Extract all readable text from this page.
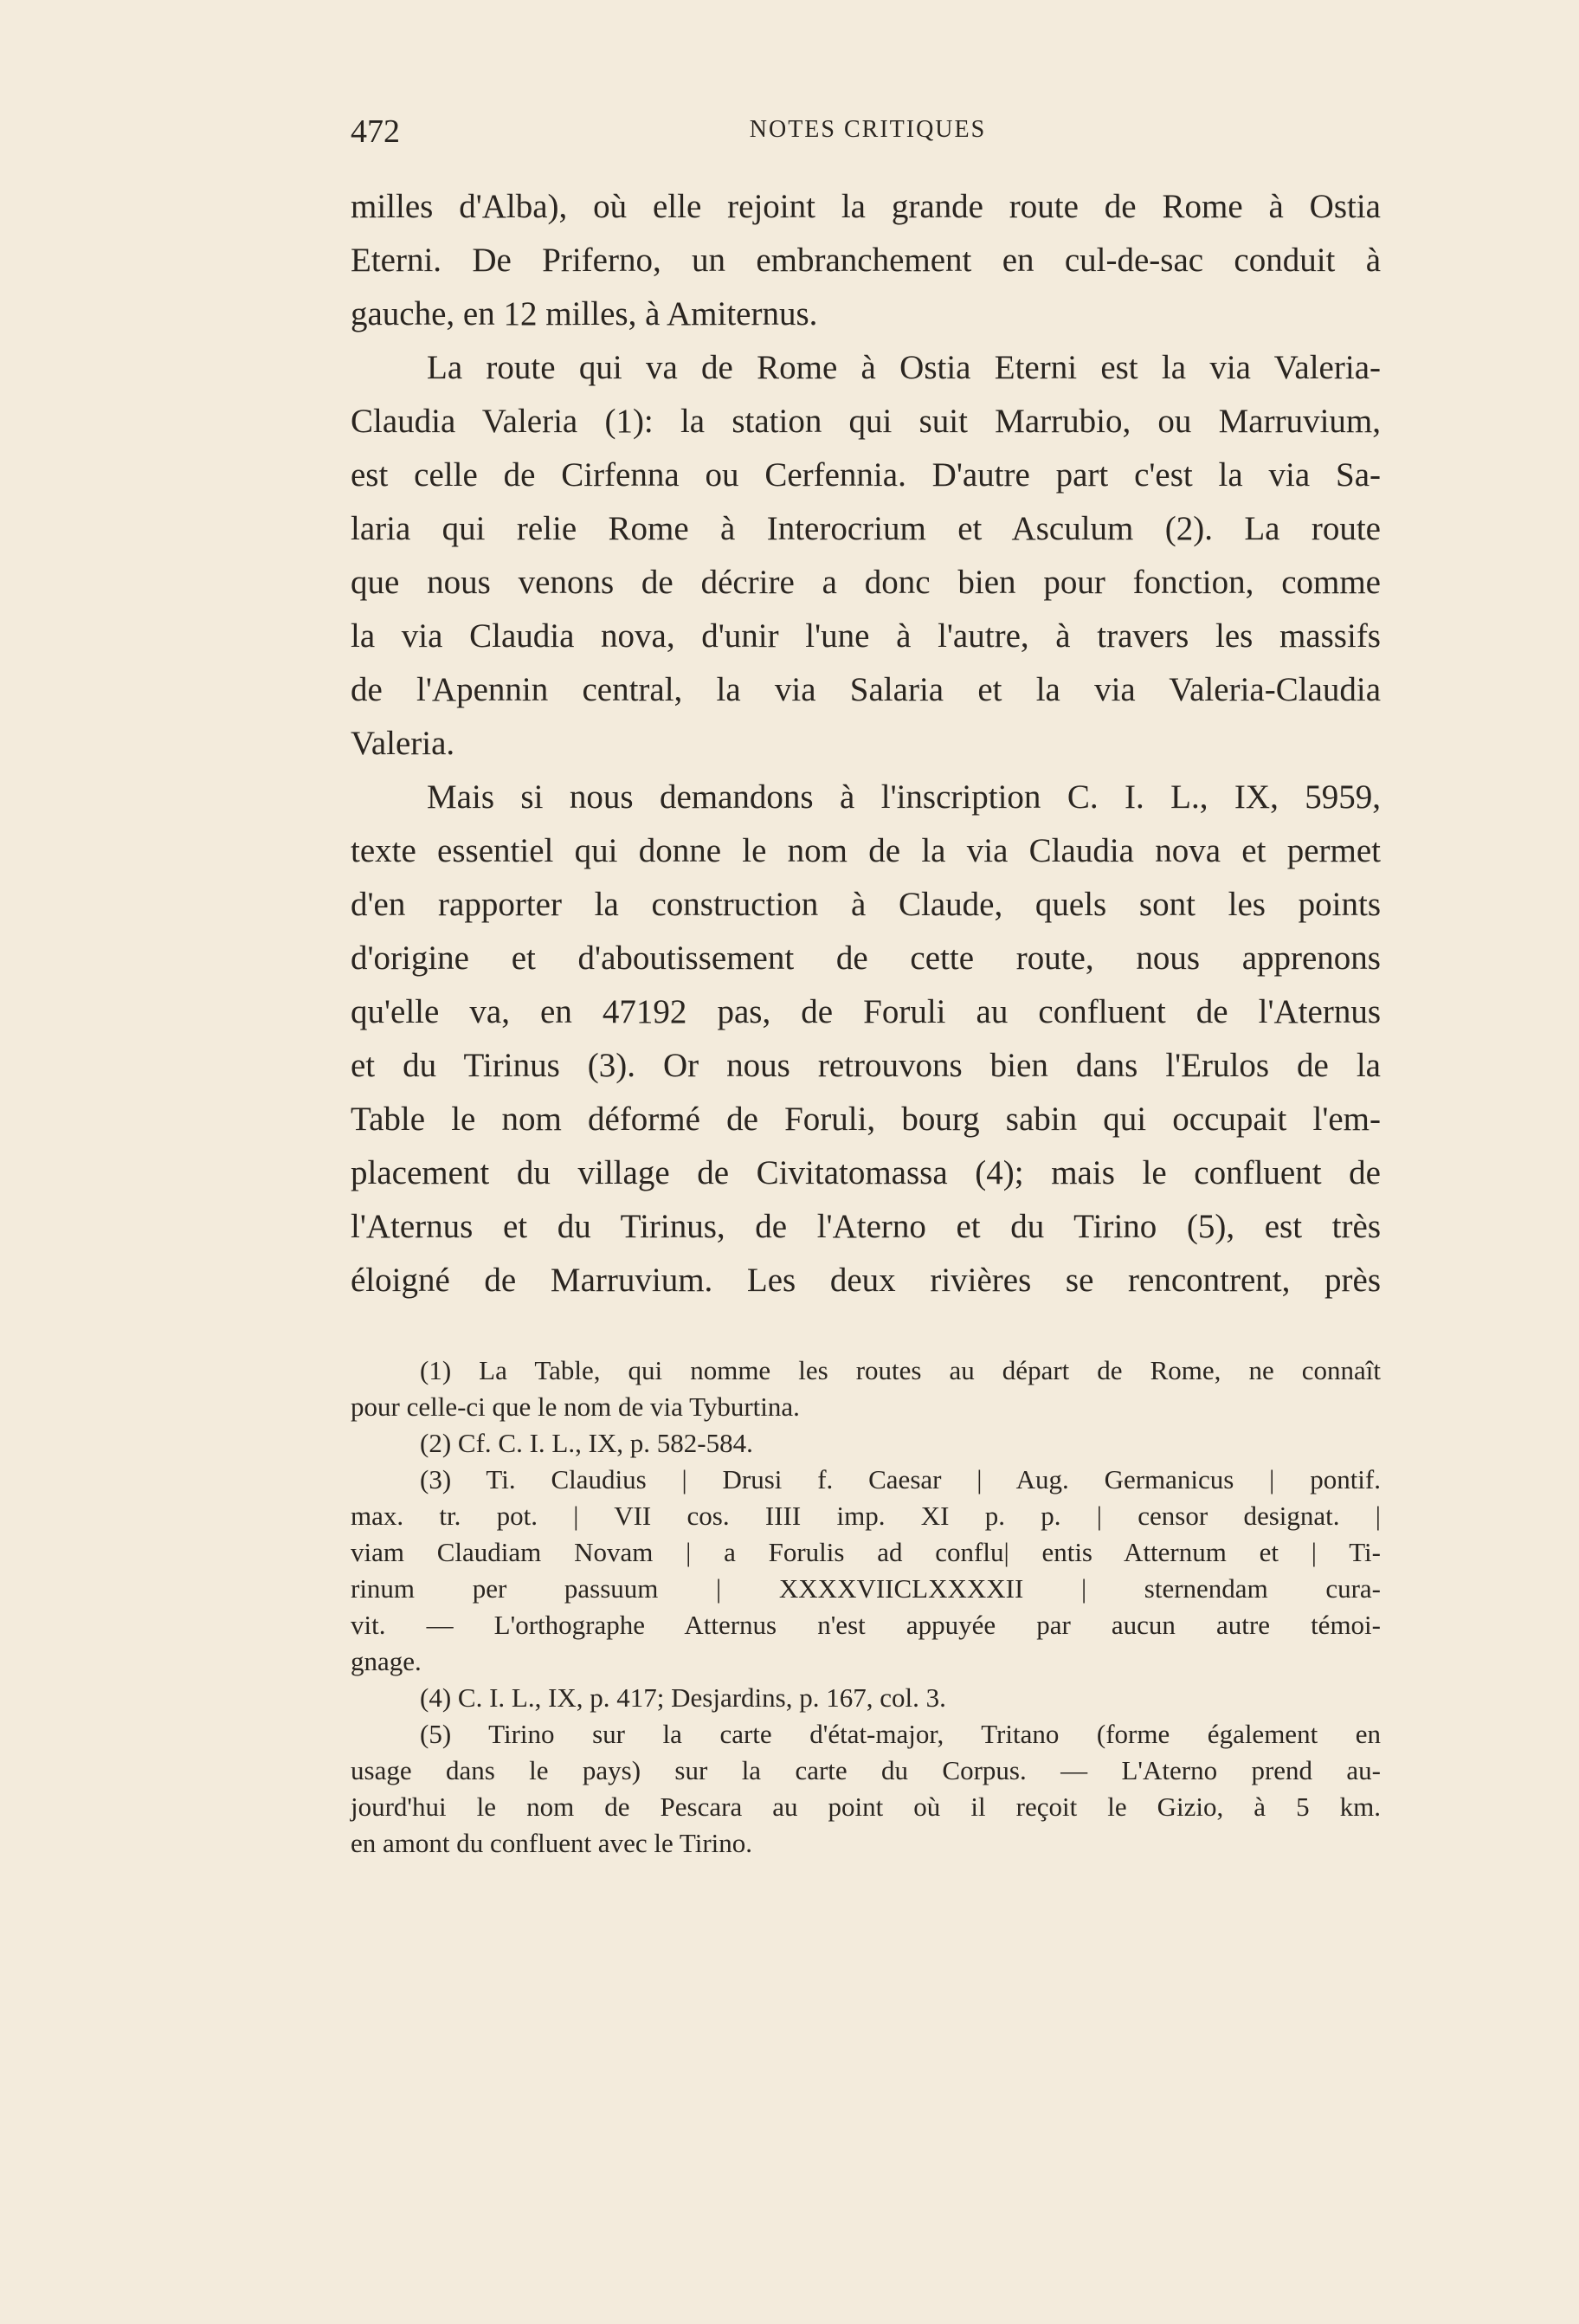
472	NOTES CRITIQUES
milles d'Alba), où elle rejoint la grande route de Rome à Ostia
Eterni. De Priferno, un embranchement en cul-de-sac conduit à
gauche, en 12 milles, à Amiternus.
La route qui va de Rome à Ostia Eterni est la via Valeria-
Claudia Valeria (1): la station qui suit Marrubio, ou Marruvium,
est celle de Cirfenna ou Cerfennia. D'autre part c'est la via Sa-
laria qui relie Rome à Interocrium et Asculum (2). La route
que nous venons de décrire a donc bien pour fonction, comme
la via Claudia nova, d'unir l'une à l'autre, à travers les massifs
de l'Apennin central, la via Salaria et la via Valeria-Claudia
Valeria.
Mais si nous demandons à l'inscription C. I. L., IX, 5959,
texte essentiel qui donne le nom de la via Claudia nova et permet
d'en rapporter la construction à Claude, quels sont les points
d'origine et d'aboutissement de cette route, nous apprenons
qu'elle va, en 47192 pas, de Foruli au confluent de l'Aternus
et du Tirinus (3). Or nous retrouvons bien dans l'Erulos de la
Table le nom déformé de Foruli, bourg sabin qui occupait l'em-
placement du village de Civitatomassa (4); mais le confluent de
l'Aternus et du Tirinus, de l'Aterno et du Tirino (5), est très
éloigné de Marruvium. Les deux rivières se rencontrent, près
(1) La Table, qui nomme les routes au départ de Rome, ne connaît
pour celle-ci que le nom de via Tyburtina.
(2) Cf. C. I. L., IX, p. 582-584.
(3) Ti. Claudius | Drusi f. Caesar | Aug. Germanicus | pontif.
max. tr. pot. | VII cos. IIII imp. XI p. p. | censor designat. |
viam Claudiam Novam | a Forulis ad conflu| entis Atternum et | Ti-
rinum per passuum | XXXXVIICLXXXXII | sternendam cura-
vit. — L'orthographe Atternus n'est appuyée par aucun autre témoi-
gnage.
(4) C. I. L., IX, p. 417; Desjardins, p. 167, col. 3.
(5) Tirino sur la carte d'état-major, Tritano (forme également en
usage dans le pays) sur la carte du Corpus. — L'Aterno prend au-
jourd'hui le nom de Pescara au point où il reçoit le Gizio, à 5 km.
en amont du confluent avec le Tirino.
